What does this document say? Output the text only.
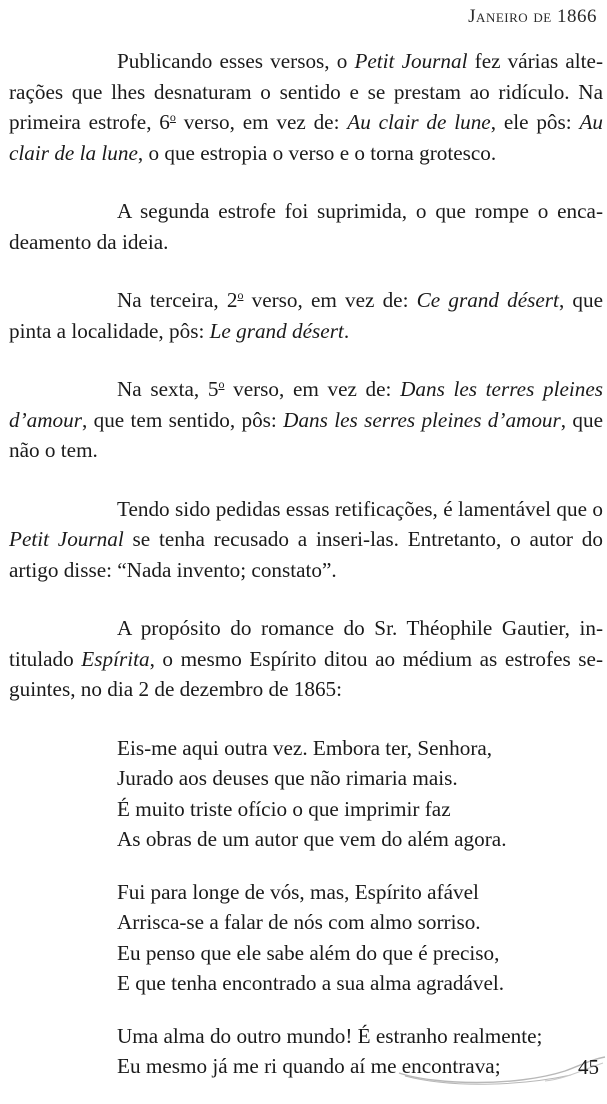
Janeiro de 1866

Publicando esses versos, o Petit Journal fez várias alterações que lhes desnaturam o sentido e se prestam ao ridículo. Na primeira estrofe, 6$^o$ verso, em vez de: Au clair de lune, ele pôs: Au clair de la lune, o que estropia o verso e o torna grotesco.

A segunda estrofe foi suprimida, o que rompe o encadeamento da ideia.

Na terceira, 2$^o$ verso, em vez de: Ce grand désert, que pinta a localidade, pôs: Le grand désert.

Na sexta, 5$^o$ verso, em vez de: Dans les terres pleines d’amour, que tem sentido, pôs: Dans les serres pleines d’amour, que não o tem.

Tendo sido pedidas essas retificações, é lamentável que o Petit Journal se tenha recusado a inseri-las. Entretanto, o autor do artigo disse: “Nada invento; constato”.

A propósito do romance do Sr. Théophile Gautier, intitulado Espírita, o mesmo Espírito ditou ao médium as estrofes seguintes, no dia 2 de dezembro de 1865:

Eis-me aqui outra vez. Embora ter, Senhora,
Jurado aos deuses que não rimaria mais.
É muito triste ofício o que imprimir faz
As obras de um autor que vem do além agora.
Fui para longe de vós, mas, Espírito afável
Arrisca-se a falar de nós com almo sorriso.
Eu penso que ele sabe além do que é preciso,
E que tenha encontrado a sua alma agradável.
Uma alma do outro mundo! É estranho realmente;
Eu mesmo já me ri quando aí me encontrava;	45
